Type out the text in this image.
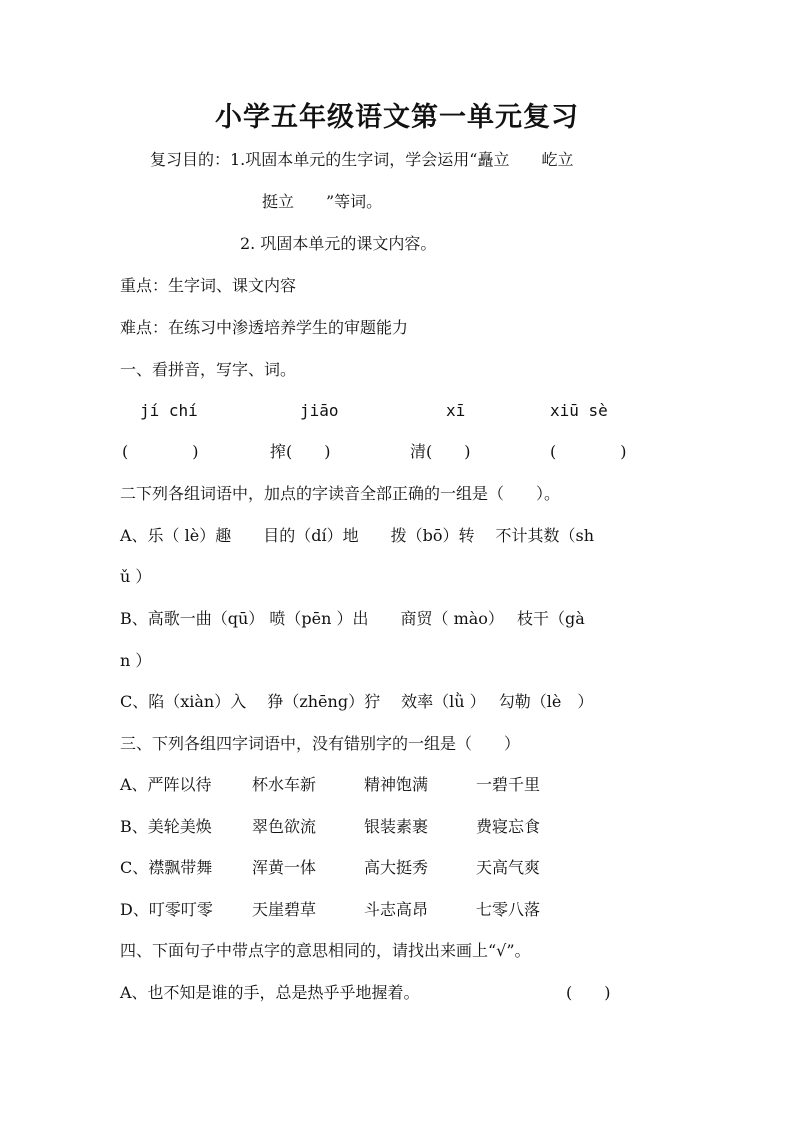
小学五年级语文第一单元复习
复习目的：1.巩固本单元的生字词，学会运用“矗立　　屹立
挺立　　”等词。
2. 巩固本单元的课文内容。
重点：生字词、课文内容
难点：在练习中渗透培养学生的审题能力
一、看拼音，写字、词。
jí chí	jiāo	xī	xiū sè
(　　　　)	搾(　　)	清(　　)	(　　　　)
二下列各组词语中，加点的字读音全部正确的一组是（　　）。
A、乐（ lè）趣　　目的（dí）地　　拨（bō）转　 不计其数（sh
ǔ ）
B、高歌一曲（qū） 喷（pēn ）出　　商贸（ mào）　 枝干（gà
n ）
C、陷（xiàn）入　 狰（zhēng）狞　 效率（lǜ ）　 勾勒（lè　）
三、下列各组四字词语中，没有错别字的一组是（　　）
A、严阵以待	杯水车新	精神饱满	一碧千里
B、美轮美焕	翠色欲流	银装素裹	费寝忘食
C、襟飘带舞 浑黄一体	高大挺秀	天高气爽
D、叮零叮零 天崖碧草	斗志高昂	七零八落
四、下面句子中带点字的意思相同的，请找出来画上“√”。
A、也不知是谁的手，总是热乎乎地握着。	(　　)
